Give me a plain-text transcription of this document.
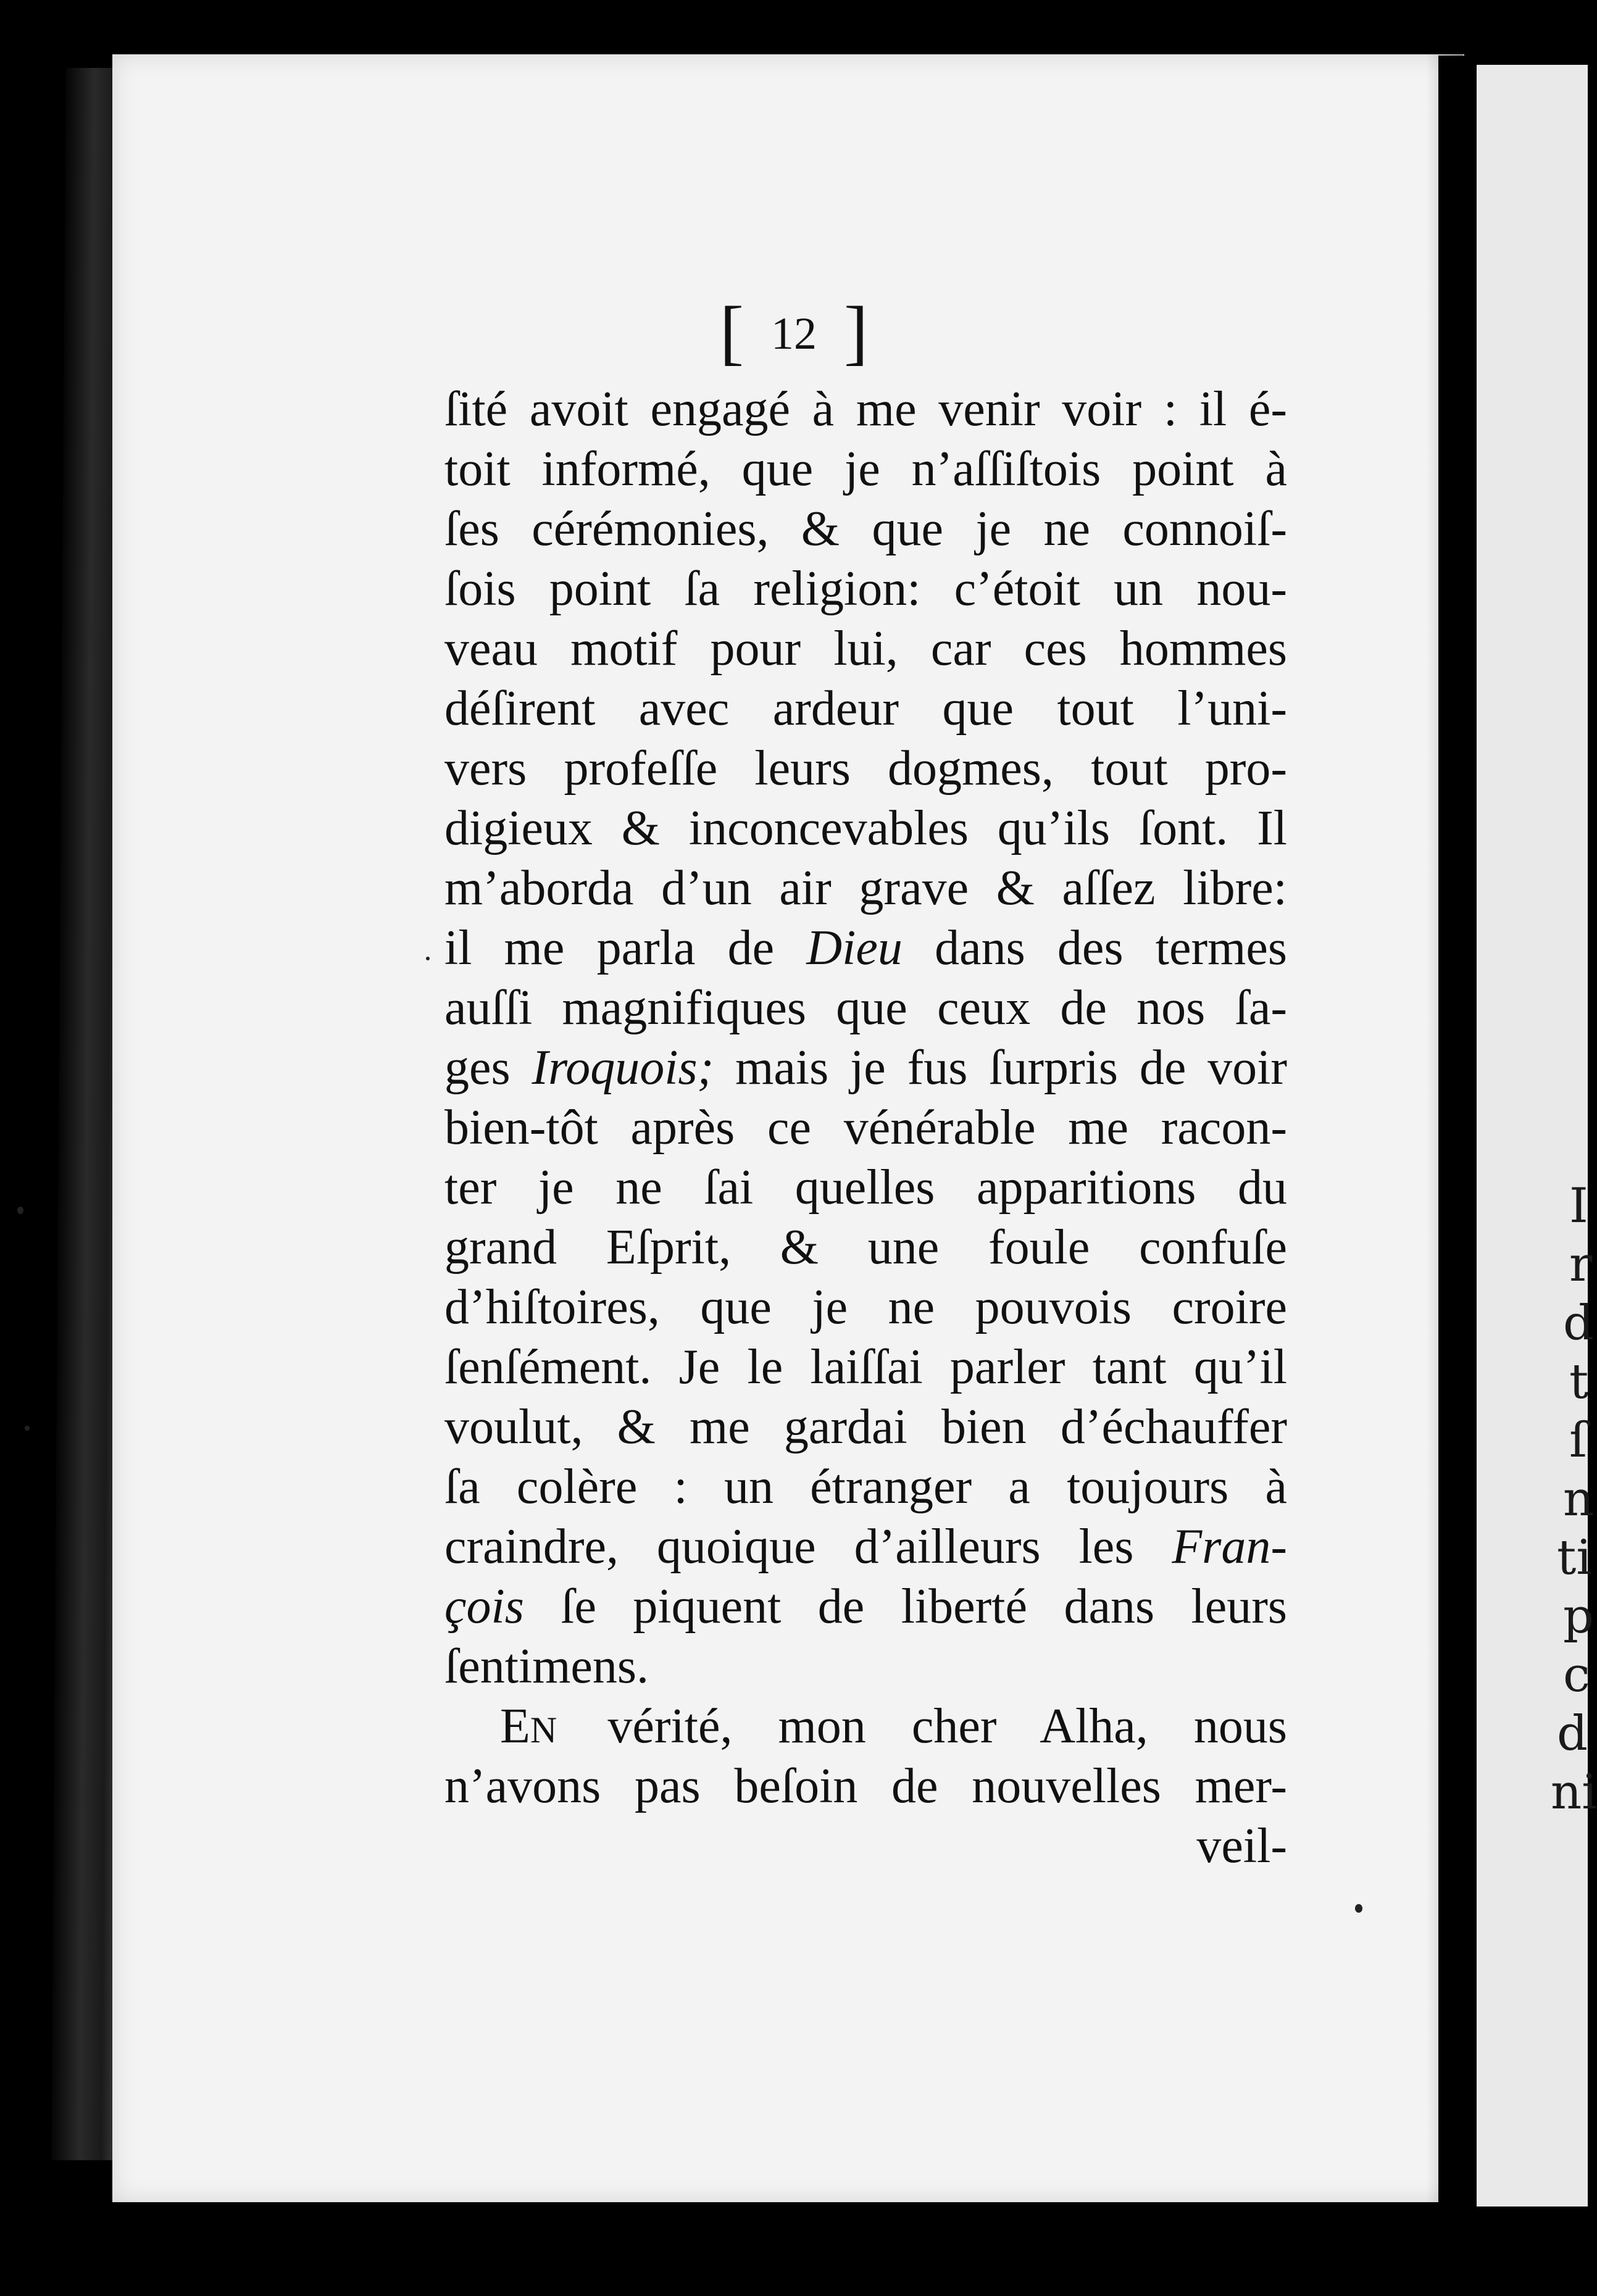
I
r
d
t
ſ
n
ti
p
c
d
ni
[ 12 ]
ſité avoit engagé à me venir voir : il é-
toit informé, que je n’aſſiſtois point à
ſes cérémonies, & que je ne connoiſ-
ſois point ſa religion: c’étoit un nou-
veau motif pour lui, car ces hommes
déſirent avec ardeur que tout l’uni-
vers profeſſe leurs dogmes, tout pro-
digieux & inconcevables qu’ils ſont. Il
m’aborda d’un air grave & aſſez libre:
il me parla de Dieu dans des termes
auſſi magnifiques que ceux de nos ſa-
ges Iroquois; mais je fus ſurpris de voir
bien-tôt après ce vénérable me racon-
ter je ne ſai quelles apparitions du
grand Eſprit, & une foule confuſe
d’hiſtoires, que je ne pouvois croire
ſenſément. Je le laiſſai parler tant qu’il
voulut, & me gardai bien d’échauffer
ſa colère : un étranger a toujours à
craindre, quoique d’ailleurs les Fran-
çois ſe piquent de liberté dans leurs
ſentimens.
EN vérité, mon cher Alha, nous
n’avons pas beſoin de nouvelles mer-
veil-
